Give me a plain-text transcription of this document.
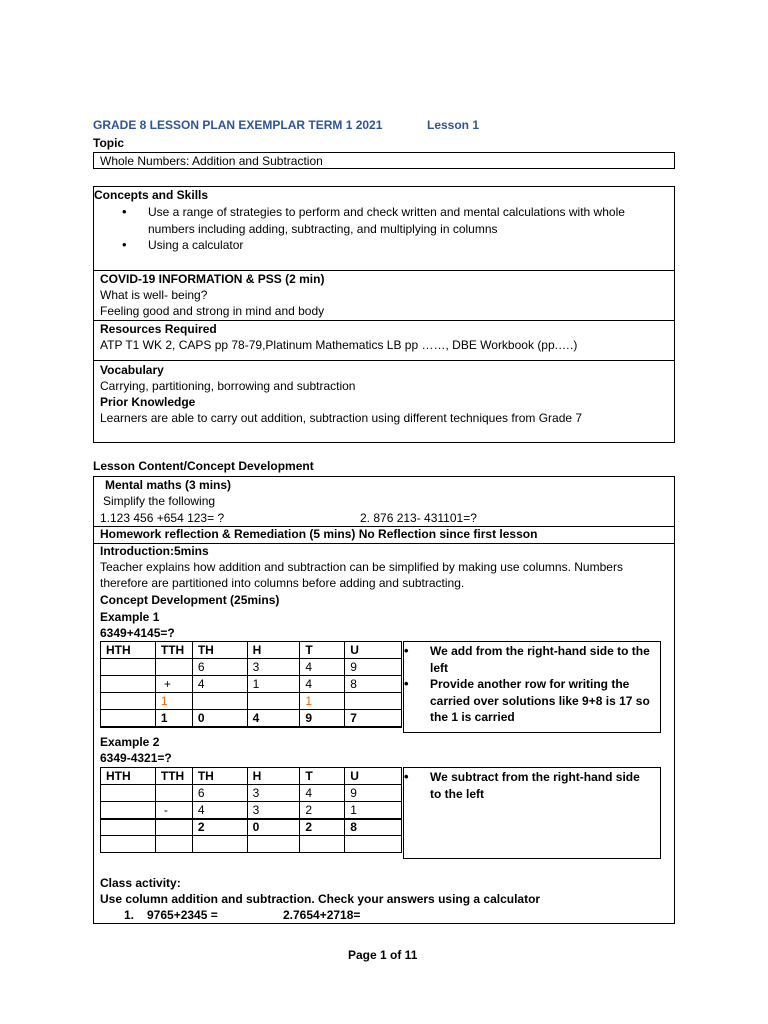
GRADE 8 LESSON PLAN EXEMPLAR TERM 1 2021	Lesson 1
Topic
Whole Numbers: Addition and Subtraction
Concepts and Skills
• Use a range of strategies to perform and check written and mental calculations with whole numbers including adding, subtracting, and multiplying in columns
• Using a calculator
COVID-19 INFORMATION & PSS (2 min)
What is well- being?
Feeling good and strong in mind and body
Resources Required
ATP T1 WK 2, CAPS pp 78-79,Platinum Mathematics LB pp ……, DBE Workbook (pp.….)
Vocabulary
Carrying, partitioning, borrowing and subtraction
Prior Knowledge
Learners are able to carry out addition, subtraction using different techniques from Grade 7
Lesson Content/Concept Development
Mental maths (3 mins)
Simplify the following
1.123 456 +654 123= ?	2. 876 213- 431101=?
Homework reflection & Remediation (5 mins) No Reflection since first lesson
Introduction:5mins
Teacher explains how addition and subtraction can be simplified by making use columns. Numbers
therefore are partitioned into columns before adding and subtracting.
Concept Development (25mins)
Example 1
6349+4145=?
HTH	TTH	TH	H	T	U
		6	3	4	9
	+	4	1	4	8
	1			1	
	1	0	4	9	7
• We add from the right-hand side to the left
• Provide another row for writing the carried over solutions like 9+8 is 17 so the 1 is carried
Example 2
6349-4321=?
HTH	TTH	TH	H	T	U
		6	3	4	9
	-	4	3	2	1
		2	0	2	8

• We subtract from the right-hand side to the left
Class activity:
Use column addition and subtraction. Check your answers using a calculator
1. 9765+2345 =	2.7654+2718=
Page 1 of 11
